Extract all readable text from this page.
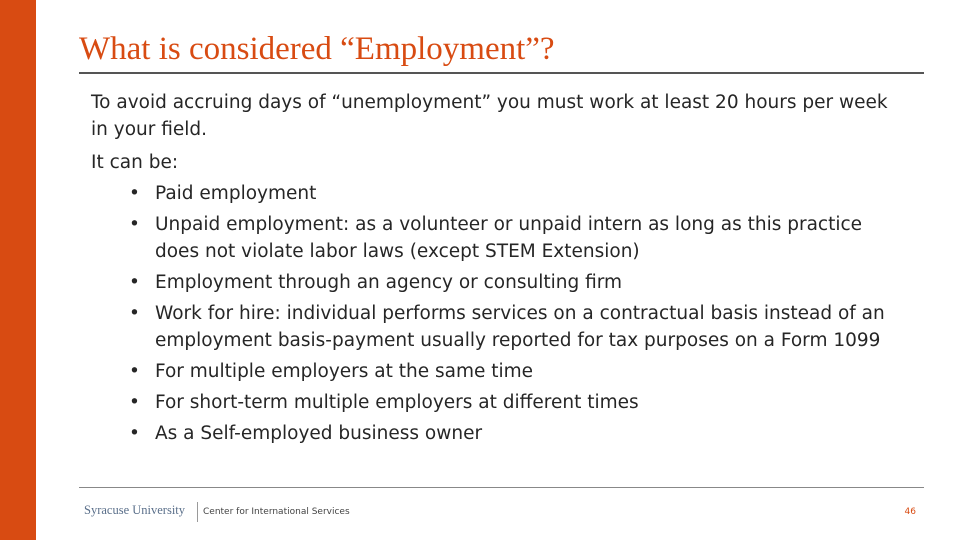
What is considered “Employment”?

To avoid accruing days of “unemployment” you must work at least 20 hours per week in your field.

It can be:

• Paid employment
• Unpaid employment: as a volunteer or unpaid intern as long as this practice does not violate labor laws (except STEM Extension)
• Employment through an agency or consulting firm
• Work for hire: individual performs services on a contractual basis instead of an employment basis-payment usually reported for tax purposes on a Form 1099
• For multiple employers at the same time
• For short-term multiple employers at different times
• As a Self-employed business owner
Syracuse University Center for International Services	46
